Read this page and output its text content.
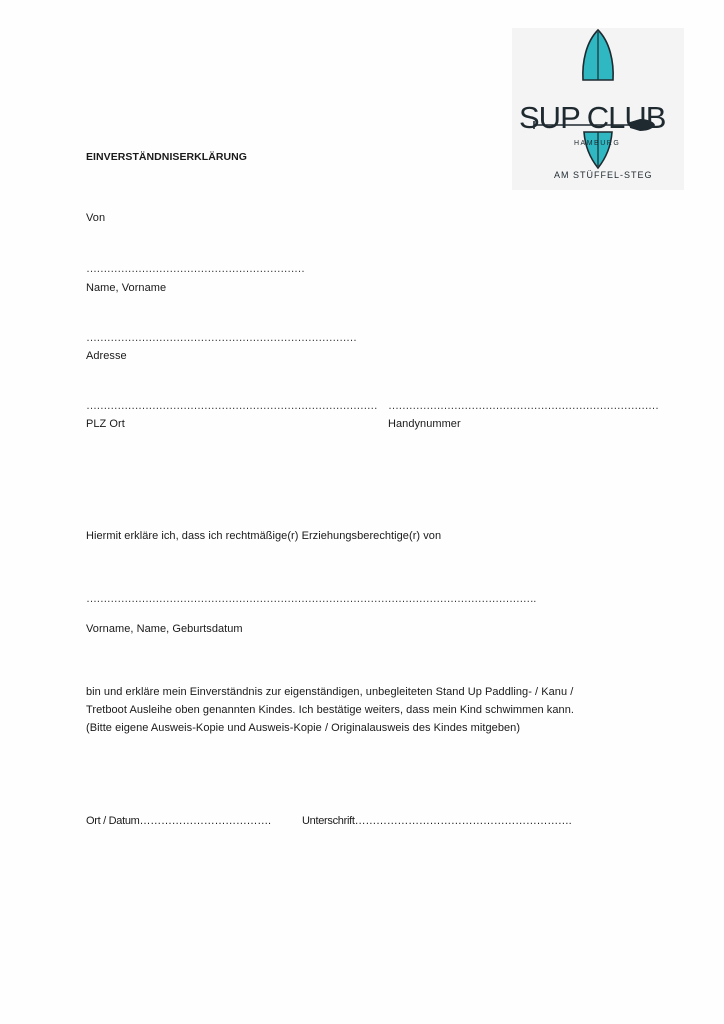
SUP CLUB
HAMBURG
AM STÜFFEL-STEG
EINVERSTÄNDNISERKLÄRUNG
Von
………………………………………………………
Name, Vorname
……………………………………………………………………
Adresse
…………………………………………………………………………
PLZ Ort
……………………………………………………………………
Handynummer
Hiermit erkläre ich, dass ich rechtmäßige(r) Erziehungsberechtige(r) von
………………………………………………………………………………………………………………….
Vorname, Name, Geburtsdatum
bin und erkläre mein Einverständnis zur eigenständigen, unbegleiteten Stand Up Paddling- / Kanu /
Tretboot Ausleihe oben genannten Kindes. Ich bestätige weiters, dass mein Kind schwimmen kann.
(Bitte eigene Ausweis-Kopie und Ausweis-Kopie / Originalausweis des Kindes mitgeben)
Ort / Datum……………………………….	Unterschrift…………………………………………………….
